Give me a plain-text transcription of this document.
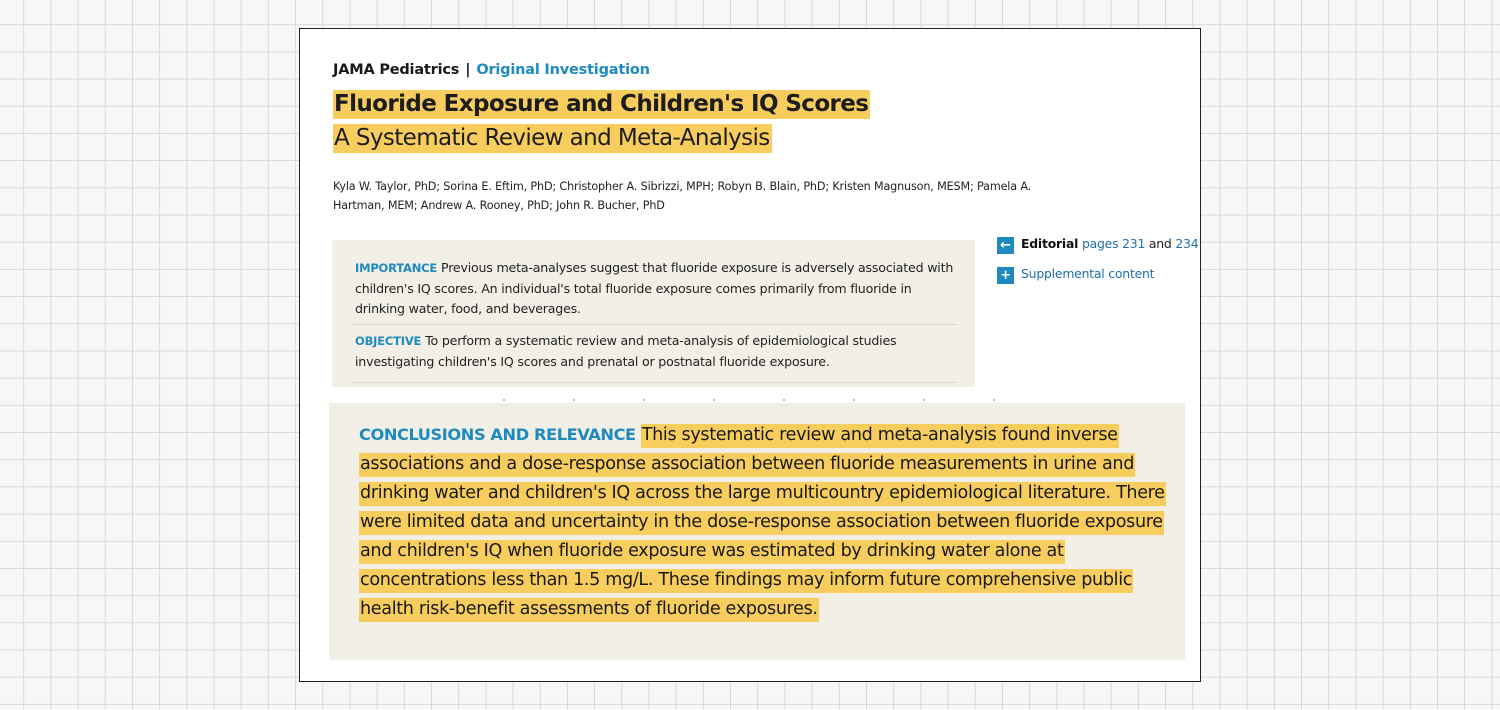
JAMA Pediatrics | Original Investigation
Fluoride Exposure and Children's IQ Scores
A Systematic Review and Meta-Analysis
Kyla W. Taylor, PhD; Sorina E. Eftim, PhD; Christopher A. Sibrizzi, MPH; Robyn B. Blain, PhD; Kristen Magnuson, MESM; Pamela A. Hartman, MEM; Andrew A. Rooney, PhD; John R. Bucher, PhD
IMPORTANCE Previous meta-analyses suggest that fluoride exposure is adversely associated with children's IQ scores. An individual's total fluoride exposure comes primarily from fluoride in drinking water, food, and beverages.
OBJECTIVE To perform a systematic review and meta-analysis of epidemiological studies investigating children's IQ scores and prenatal or postnatal fluoride exposure.
← Editorial pages 231 and 234
+ Supplemental content
CONCLUSIONS AND RELEVANCE This systematic review and meta-analysis found inverse associations and a dose-response association between fluoride measurements in urine and drinking water and children's IQ across the large multicountry epidemiological literature. There were limited data and uncertainty in the dose-response association between fluoride exposure and children's IQ when fluoride exposure was estimated by drinking water alone at concentrations less than 1.5 mg/L. These findings may inform future comprehensive public health risk-benefit assessments of fluoride exposures.
